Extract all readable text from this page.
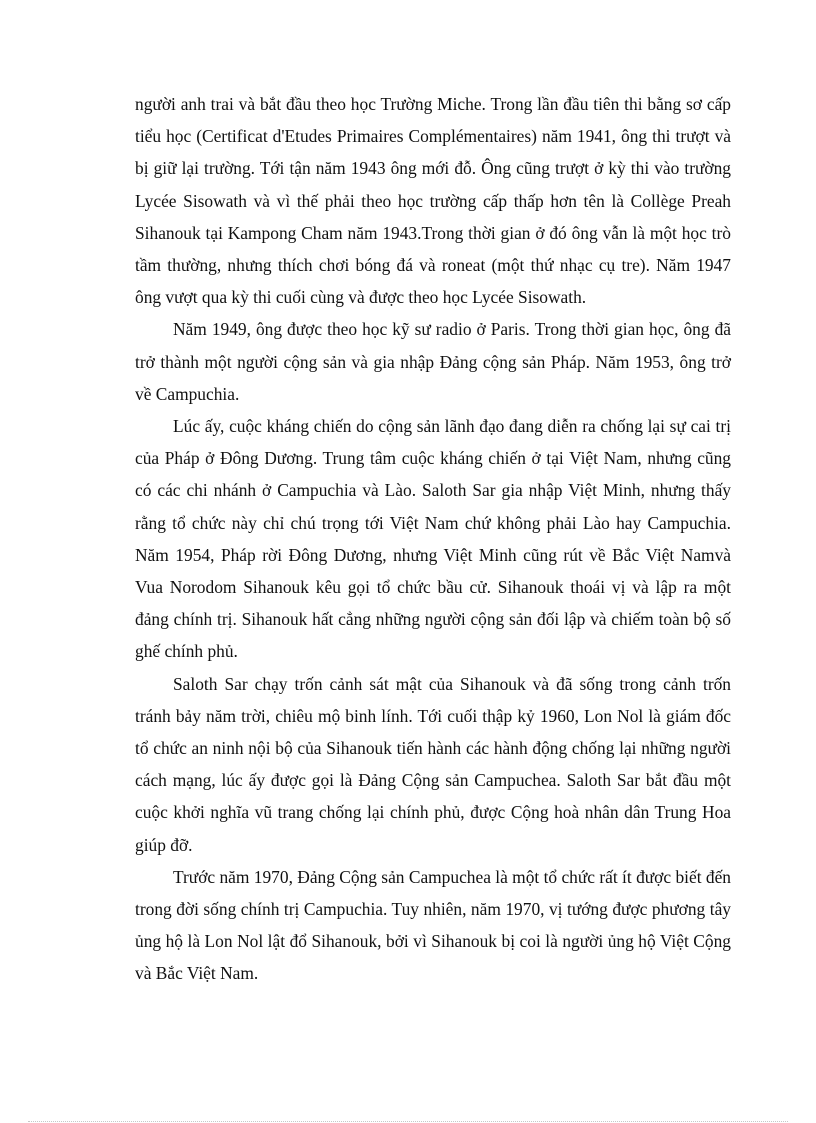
người anh trai và bắt đầu theo học Trường Miche. Trong lần đầu tiên thi bằng sơ cấp tiểu học (Certificat d'Etudes Primaires Complémentaires) năm 1941, ông thi trượt và bị giữ lại trường. Tới tận năm 1943 ông mới đỗ. Ông cũng trượt ở kỳ thi vào trường Lycée Sisowath và vì thế phải theo học trường cấp thấp hơn tên là Collège Preah Sihanouk tại Kampong Cham năm 1943.Trong thời gian ở đó ông vẫn là một học trò tầm thường, nhưng thích chơi bóng đá và roneat (một thứ nhạc cụ tre). Năm 1947 ông vượt qua kỳ thi cuối cùng và được theo học Lycée Sisowath.

Năm 1949, ông được theo học kỹ sư radio ở Paris. Trong thời gian học, ông đã trở thành một người cộng sản và gia nhập Đảng cộng sản Pháp. Năm 1953, ông trở về Campuchia.

Lúc ấy, cuộc kháng chiến do cộng sản lãnh đạo đang diễn ra chống lại sự cai trị của Pháp ở Đông Dương. Trung tâm cuộc kháng chiến ở tại Việt Nam, nhưng cũng có các chi nhánh ở Campuchia và Lào. Saloth Sar gia nhập Việt Minh, nhưng thấy rằng tổ chức này chỉ chú trọng tới Việt Nam chứ không phải Lào hay Campuchia. Năm 1954, Pháp rời Đông Dương, nhưng Việt Minh cũng rút về Bắc Việt Namvà Vua Norodom Sihanouk kêu gọi tổ chức bầu cử. Sihanouk thoái vị và lập ra một đảng chính trị. Sihanouk hất cẳng những người cộng sản đối lập và chiếm toàn bộ số ghế chính phủ.

Saloth Sar chạy trốn cảnh sát mật của Sihanouk và đã sống trong cảnh trốn tránh bảy năm trời, chiêu mộ binh lính. Tới cuối thập kỷ 1960, Lon Nol là giám đốc tổ chức an ninh nội bộ của Sihanouk tiến hành các hành động chống lại những người cách mạng, lúc ấy được gọi là Đảng Cộng sản Campuchea. Saloth Sar bắt đầu một cuộc khởi nghĩa vũ trang chống lại chính phủ, được Cộng hoà nhân dân Trung Hoa giúp đỡ.

Trước năm 1970, Đảng Cộng sản Campuchea là một tổ chức rất ít được biết đến trong đời sống chính trị Campuchia. Tuy nhiên, năm 1970, vị tướng được phương tây ủng hộ là Lon Nol lật đổ Sihanouk, bởi vì Sihanouk bị coi là người ủng hộ Việt Cộng và Bắc Việt Nam.
